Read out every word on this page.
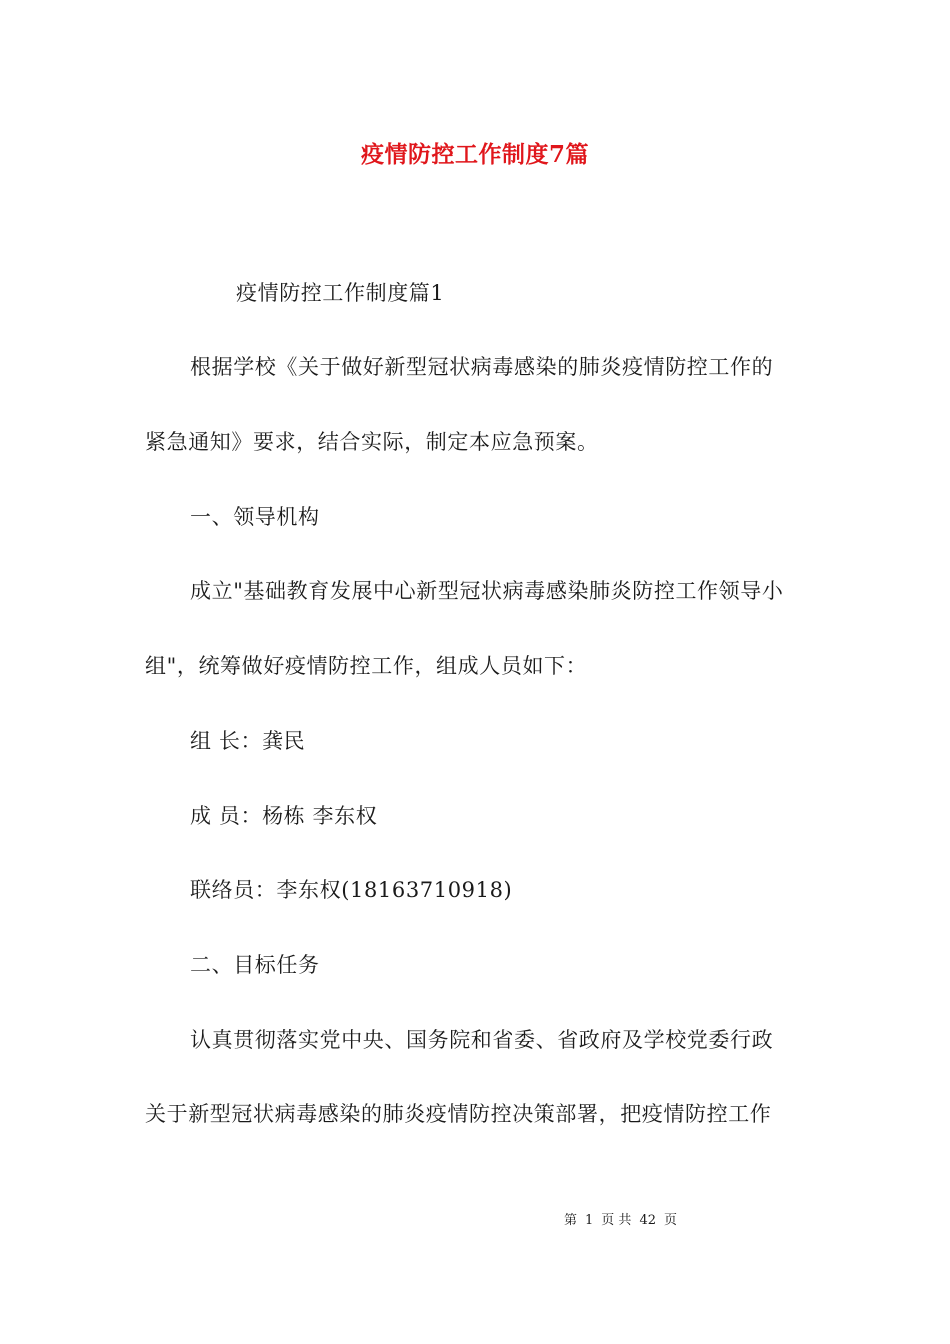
疫情防控工作制度7篇
疫情防控工作制度篇1
根据学校《关于做好新型冠状病毒感染的肺炎疫情防控工作的
紧急通知》要求，结合实际，制定本应急预案。
一、领导机构
成立"基础教育发展中心新型冠状病毒感染肺炎防控工作领导小
组"，统筹做好疫情防控工作，组成人员如下：
组 长：龚民
成 员：杨栋 李东权
联络员：李东权(18163710918)
二、目标任务
认真贯彻落实党中央、国务院和省委、省政府及学校党委行政
关于新型冠状病毒感染的肺炎疫情防控决策部署，把疫情防控工作
第 1 页 共 42 页
